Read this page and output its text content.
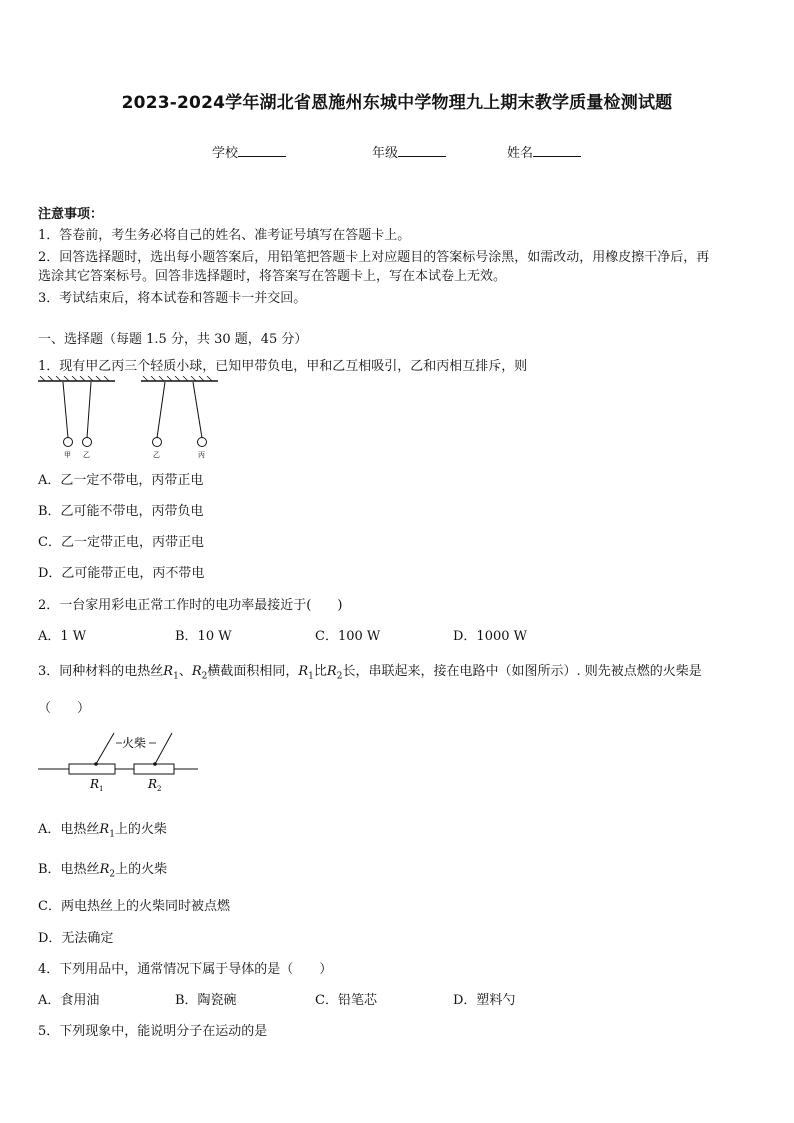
2023-2024学年湖北省恩施州东城中学物理九上期末教学质量检测试题
学校	年级	姓名
注意事项：
1．答卷前，考生务必将自己的姓名、准考证号填写在答题卡上。
2．回答选择题时，选出每小题答案后，用铅笔把答题卡上对应题目的答案标号涂黑，如需改动，用橡皮擦干净后，再
选涂其它答案标号。回答非选择题时，将答案写在答题卡上，写在本试卷上无效。
3．考试结束后，将本试卷和答题卡一并交回。
一、选择题（每题 1.5 分，共 30 题，45 分）
1．现有甲乙丙三个轻质小球，已知甲带负电，甲和乙互相吸引，乙和丙相互排斥，则
甲 乙	乙	丙
A．乙一定不带电，丙带正电
B．乙可能不带电，丙带负电
C．乙一定带正电，丙带正电
D．乙可能带正电，丙不带电
2．一台家用彩电正常工作时的电功率最接近于(　　)
A．1 W	B．10 W	C．100 W	D．1000 W
3．同种材料的电热丝$R_1$、$R_2$横截面积相同，$R_1$比$R_2$长，串联起来，接在电路中（如图所示）. 则先被点燃的火柴是
（　　）
火柴
R 1	R 2
A．电热丝$R_1$上的火柴
B．电热丝$R_2$上的火柴
C．两电热丝上的火柴同时被点燃
D．无法确定
4．下列用品中，通常情况下属于导体的是（　　）
A．食用油	B．陶瓷碗	C．铅笔芯	D．塑料勺
5．下列现象中，能说明分子在运动的是
